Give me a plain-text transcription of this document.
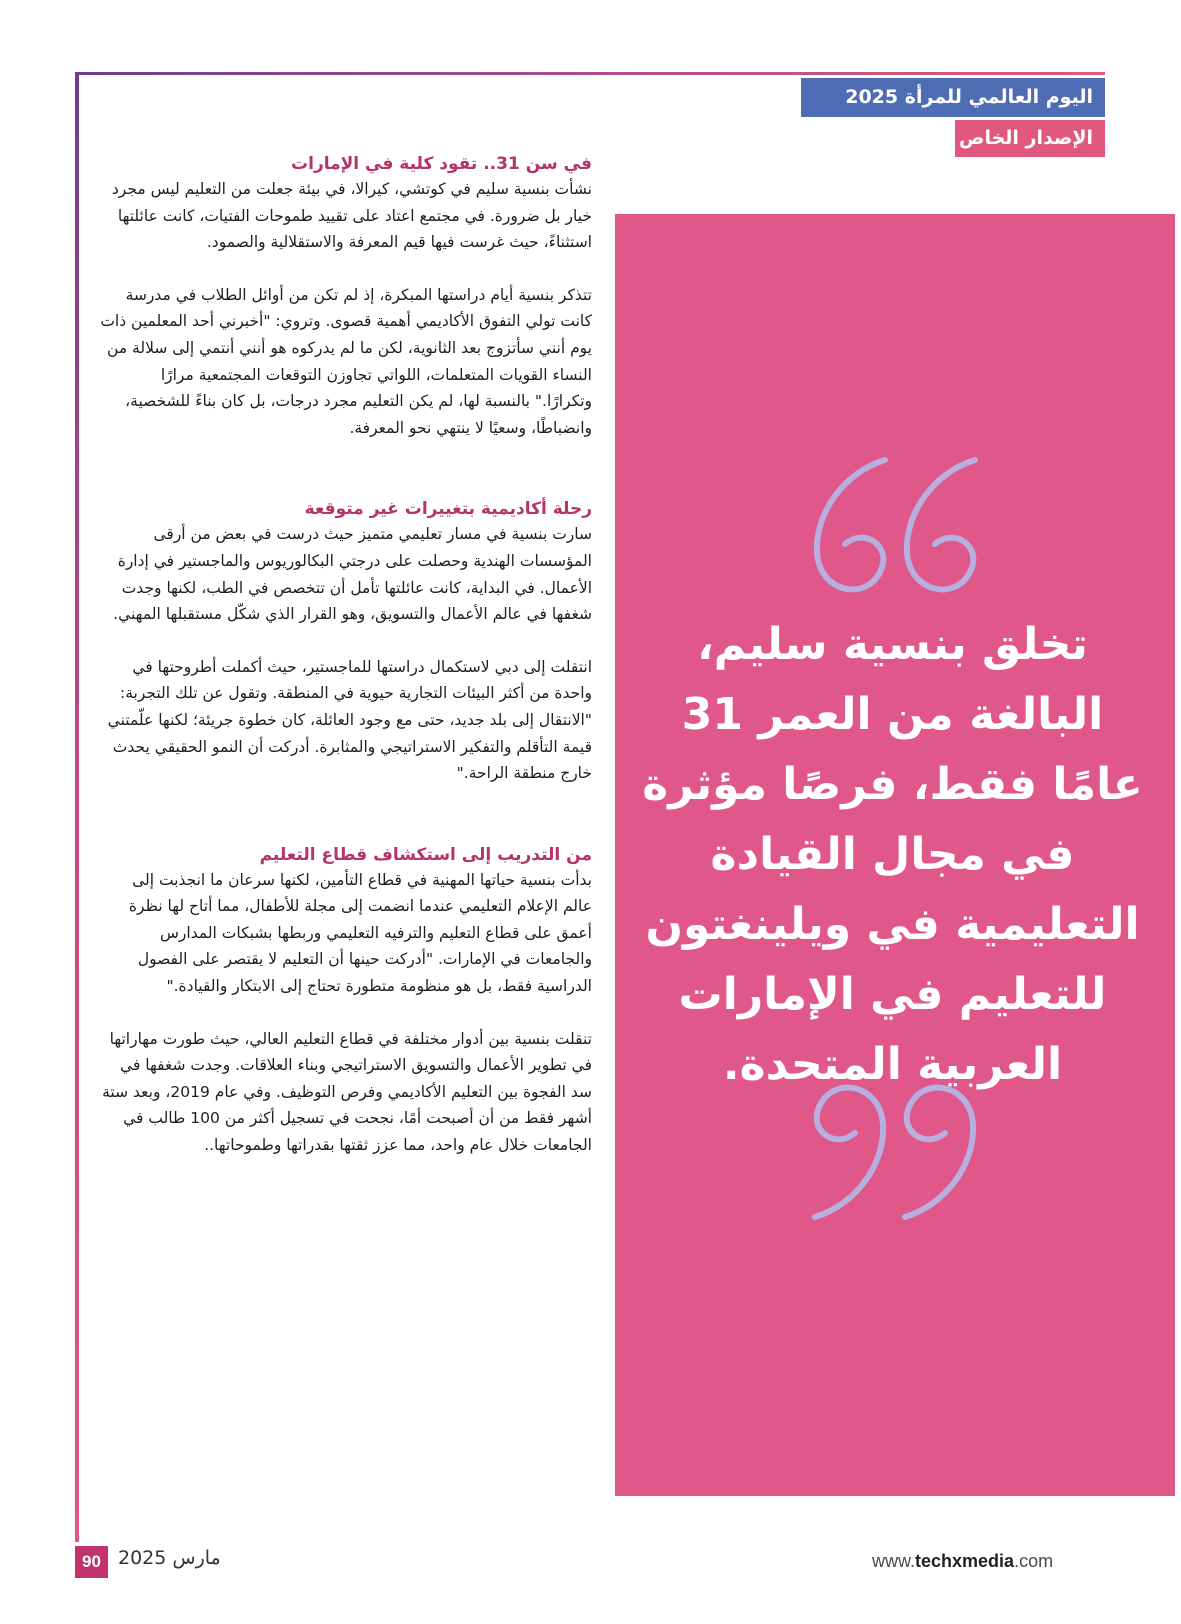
اليوم العالمي للمرأة 2025
الإصدار الخاص
في سن 31.. تقود كلية في الإمارات

نشأت بنسية سليم في كوتشي، كيرالا، في بيئة جعلت من التعليم ليس مجرد خيار بل ضرورة. في مجتمع اعتاد على تقييد طموحات الفتيات، كانت عائلتها استثناءً، حيث غرست فيها قيم المعرفة والاستقلالية والصمود.

تتذكر بنسية أيام دراستها المبكرة، إذ لم تكن من أوائل الطلاب في مدرسة كانت تولي التفوق الأكاديمي أهمية قصوى. وتروي: "أخبرني أحد المعلمين ذات يوم أنني سأتزوج بعد الثانوية، لكن ما لم يدركوه هو أنني أنتمي إلى سلالة من النساء القويات المتعلمات، اللواتي تجاوزن التوقعات المجتمعية مرارًا وتكرارًا." بالنسبة لها، لم يكن التعليم مجرد درجات، بل كان بناءً للشخصية، وانضباطًا، وسعيًا لا ينتهي نحو المعرفة.

رحلة أكاديمية بتغييرات غير متوقعة

سارت بنسية في مسار تعليمي متميز حيث درست في بعض من أرقى المؤسسات الهندية وحصلت على درجتي البكالوريوس والماجستير في إدارة الأعمال. في البداية، كانت عائلتها تأمل أن تتخصص في الطب، لكنها وجدت شغفها في عالم الأعمال والتسويق، وهو القرار الذي شكّل مستقبلها المهني.

انتقلت إلى دبي لاستكمال دراستها للماجستير، حيث أكملت أطروحتها في واحدة من أكثر البيئات التجارية حيوية في المنطقة. وتقول عن تلك التجربة: "الانتقال إلى بلد جديد، حتى مع وجود العائلة، كان خطوة جريئة؛ لكنها علّمتني قيمة التأقلم والتفكير الاستراتيجي والمثابرة. أدركت أن النمو الحقيقي يحدث خارج منطقة الراحة."

من التدريب إلى استكشاف قطاع التعليم

بدأت بنسية حياتها المهنية في قطاع التأمين، لكنها سرعان ما انجذبت إلى عالم الإعلام التعليمي عندما انضمت إلى مجلة للأطفال، مما أتاح لها نظرة أعمق على قطاع التعليم والترفيه التعليمي وربطها بشبكات المدارس والجامعات في الإمارات. "أدركت حينها أن التعليم لا يقتصر على الفصول الدراسية فقط، بل هو منظومة متطورة تحتاج إلى الابتكار والقيادة."

تنقلت بنسية بين أدوار مختلفة في قطاع التعليم العالي، حيث طورت مهاراتها في تطوير الأعمال والتسويق الاستراتيجي وبناء العلاقات. وجدت شغفها في سد الفجوة بين التعليم الأكاديمي وفرص التوظيف. وفي عام 2019، وبعد ستة أشهر فقط من أن أصبحت أمًا، نجحت في تسجيل أكثر من 100 طالب في الجامعات خلال عام واحد، مما عزز ثقتها بقدراتها وطموحاتها..

تخلق بنسية سليم، البالغة من العمر 31 عامًا فقط، فرصًا مؤثرة في مجال القيادة التعليمية في ويلينغتون للتعليم في الإمارات العربية المتحدة.
90 مارس 2025	www.techxmedia.com
